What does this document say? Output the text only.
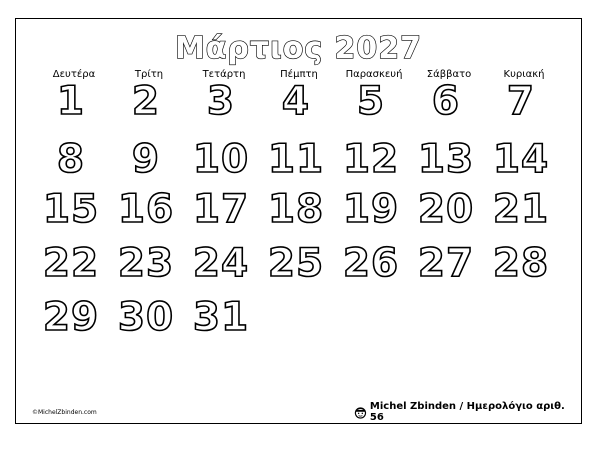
Μάρτιος 2027
Δευτέρα	Τρίτη	Τετάρτη	Πέμπτη	Παρασκευή	Σάββατο	Κυριακή
1	2	3	4	5	6	7
8	9 10 11 12 13 14
15 16 17 18 19 20 21
22 23 24 25 26 27 28
29 30 31
©MichelZbinden.com
Michel Zbinden / Ημερολόγιο αριθ. 56
